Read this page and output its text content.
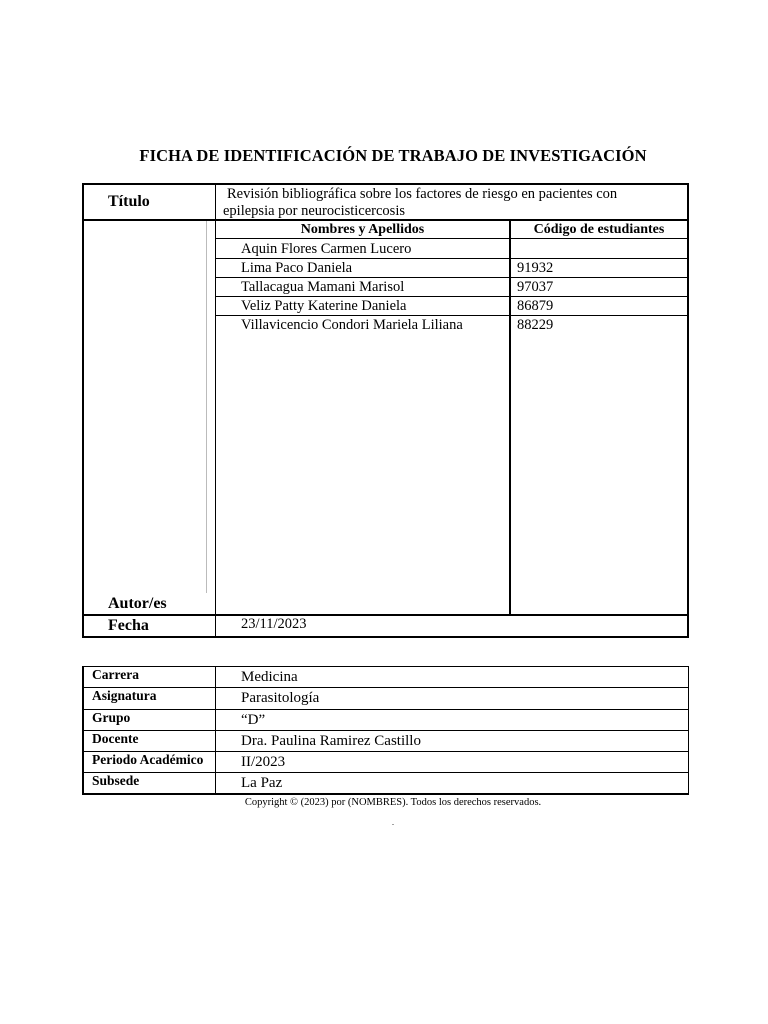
FICHA DE IDENTIFICACIÓN DE TRABAJO DE INVESTIGACIÓN
Título	Revisión bibliográfica sobre los factores de riesgo en pacientes con
epilepsia por neurocisticercosis
Nombres y Apellidos	Código de estudiantes
Aquin Flores Carmen Lucero
Lima Paco Daniela	91932
Tallacagua Mamani Marisol	97037
Veliz Patty Katerine Daniela	86879
Villavicencio Condori Mariela Liliana	88229
Autor/es
Fecha	23/11/2023
Carrera	Medicina
Asignatura	Parasitología
Grupo	“D”
Docente	Dra. Paulina Ramirez Castillo
Periodo Académico	II/2023
Subsede	La Paz
Copyright © (2023) por (NOMBRES). Todos los derechos reservados.
.
